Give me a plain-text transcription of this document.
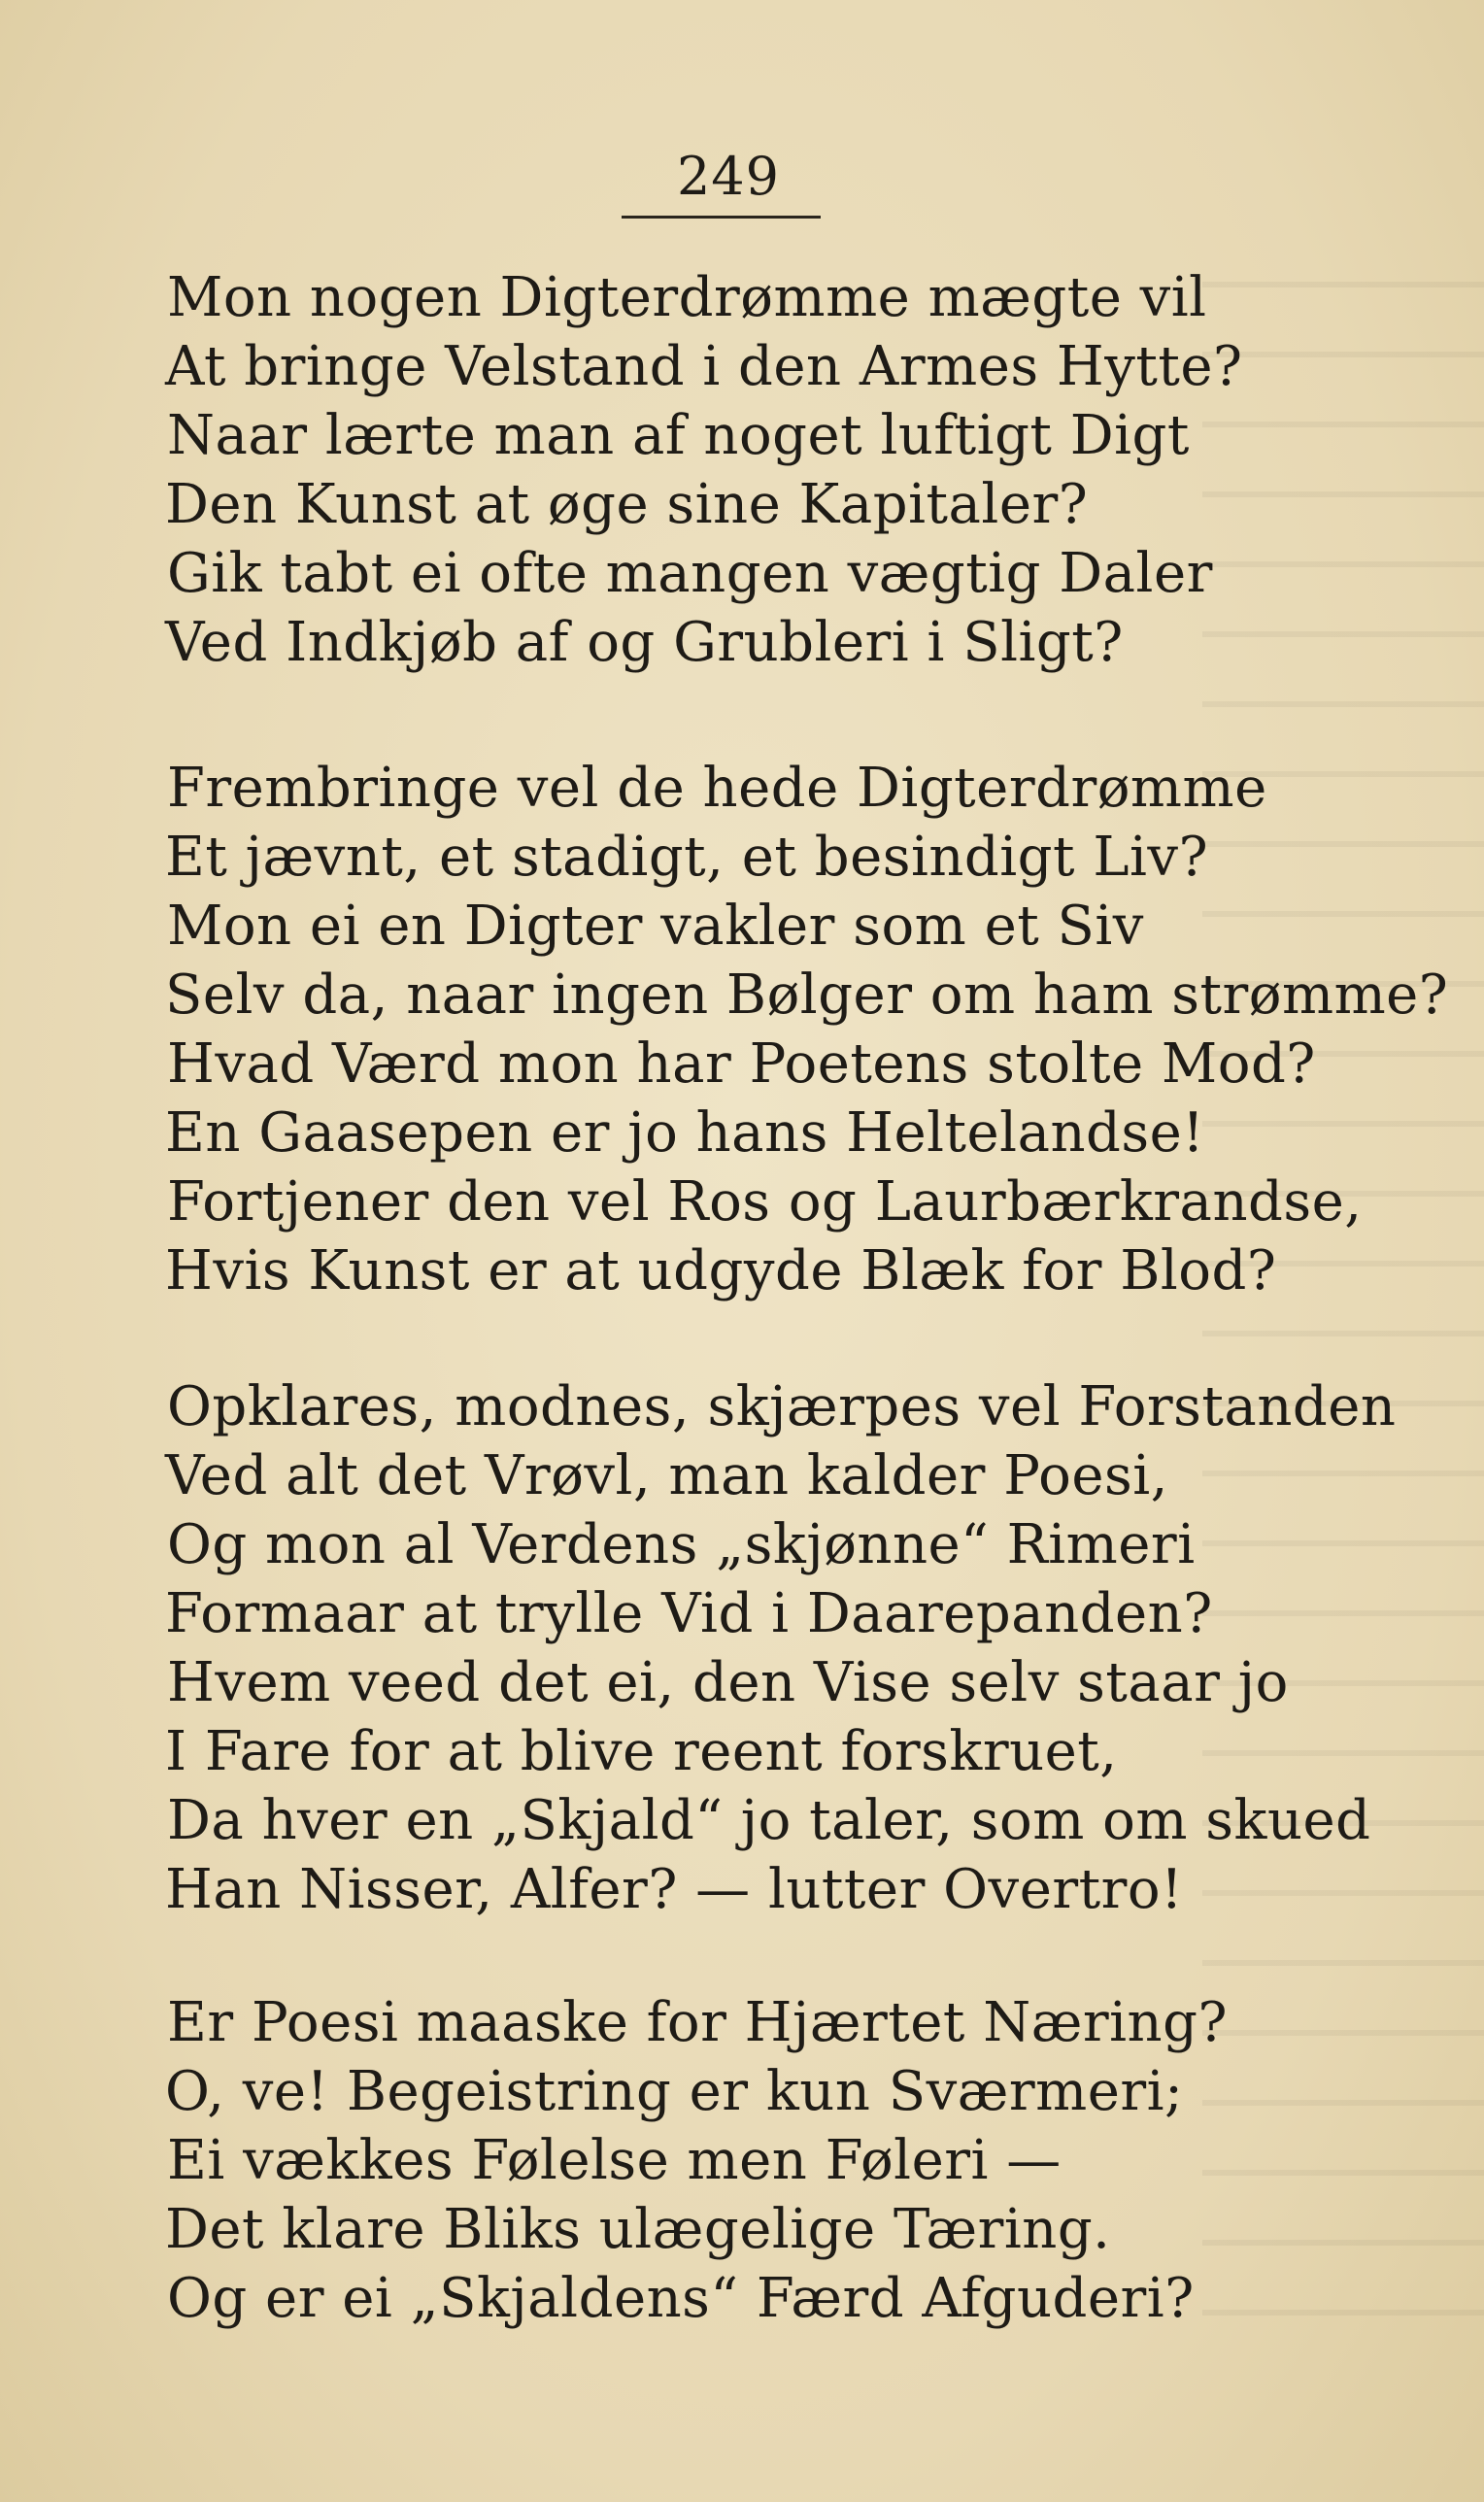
249
Mon nogen Digterdrømme mægte vil
At bringe Velstand i den Armes Hytte?
Naar lærte man af noget luftigt Digt
Den Kunst at øge sine Kapitaler?
Gik tabt ei ofte mangen vægtig Daler
Ved Indkjøb af og Grubleri i Sligt?
Frembringe vel de hede Digterdrømme
Et jævnt, et stadigt, et besindigt Liv?
Mon ei en Digter vakler som et Siv
Selv da, naar ingen Bølger om ham strømme?
Hvad Værd mon har Poetens stolte Mod?
En Gaasepen er jo hans Heltelandse!
Fortjener den vel Ros og Laurbærkrandse,
Hvis Kunst er at udgyde Blæk for Blod?
Opklares, modnes, skjærpes vel Forstanden
Ved alt det Vrøvl, man kalder Poesi,
Og mon al Verdens „skjønne“ Rimeri
Formaar at trylle Vid i Daarepanden?
Hvem veed det ei, den Vise selv staar jo
I Fare for at blive reent forskruet,
Da hver en „Skjald“ jo taler, som om skued
Han Nisser, Alfer? — lutter Overtro!
Er Poesi maaske for Hjærtet Næring?
O, ve! Begeistring er kun Sværmeri;
Ei vækkes Følelse men Føleri —
Det klare Bliks ulægelige Tæring.
Og er ei „Skjaldens“ Færd Afguderi?
